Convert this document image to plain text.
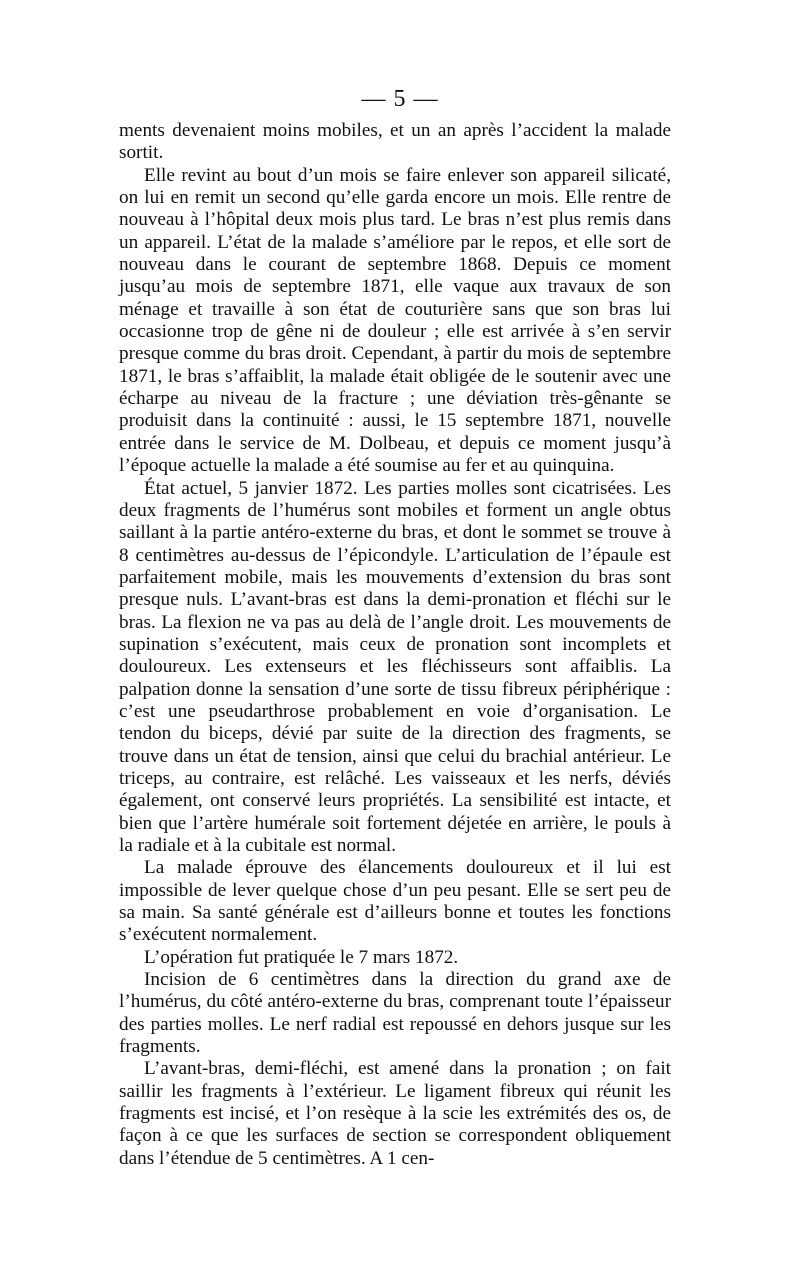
— 5 —

ments devenaient moins mobiles, et un an après l’accident la malade sortit.

Elle revint au bout d’un mois se faire enlever son appareil silicaté, on lui en remit un second qu’elle garda encore un mois. Elle rentre de nouveau à l’hôpital deux mois plus tard. Le bras n’est plus remis dans un appareil. L’état de la malade s’améliore par le repos, et elle sort de nouveau dans le courant de septembre 1868. Depuis ce moment jusqu’au mois de septembre 1871, elle vaque aux travaux de son ménage et travaille à son état de couturière sans que son bras lui occasionne trop de gêne ni de douleur ; elle est arrivée à s’en servir presque comme du bras droit. Cependant, à partir du mois de septembre 1871, le bras s’affaiblit, la malade était obligée de le soutenir avec une écharpe au niveau de la fracture ; une déviation très-gênante se produisit dans la continuité : aussi, le 15 septembre 1871, nouvelle entrée dans le service de M. Dolbeau, et depuis ce moment jusqu’à l’époque actuelle la malade a été soumise au fer et au quinquina.

État actuel, 5 janvier 1872. Les parties molles sont cicatrisées. Les deux fragments de l’humérus sont mobiles et forment un angle obtus saillant à la partie antéro-externe du bras, et dont le sommet se trouve à 8 centimètres au-dessus de l’épicondyle. L’articulation de l’épaule est parfaitement mobile, mais les mouvements d’extension du bras sont presque nuls. L’avant-bras est dans la demi-pronation et fléchi sur le bras. La flexion ne va pas au delà de l’angle droit. Les mouvements de supination s’exécutent, mais ceux de pronation sont incomplets et douloureux. Les extenseurs et les fléchisseurs sont affaiblis. La palpation donne la sensation d’une sorte de tissu fibreux périphérique : c’est une pseudarthrose probablement en voie d’organisation. Le tendon du biceps, dévié par suite de la direction des fragments, se trouve dans un état de tension, ainsi que celui du brachial antérieur. Le triceps, au contraire, est relâché. Les vaisseaux et les nerfs, déviés également, ont conservé leurs propriétés. La sensibilité est intacte, et bien que l’artère humérale soit fortement déjetée en arrière, le pouls à la radiale et à la cubitale est normal.

La malade éprouve des élancements douloureux et il lui est impossible de lever quelque chose d’un peu pesant. Elle se sert peu de sa main. Sa santé générale est d’ailleurs bonne et toutes les fonctions s’exécutent normalement.

L’opération fut pratiquée le 7 mars 1872.

Incision de 6 centimètres dans la direction du grand axe de l’humérus, du côté antéro-externe du bras, comprenant toute l’épaisseur des parties molles. Le nerf radial est repoussé en dehors jusque sur les fragments.

L’avant-bras, demi-fléchi, est amené dans la pronation ; on fait saillir les fragments à l’extérieur. Le ligament fibreux qui réunit les fragments est incisé, et l’on resèque à la scie les extrémités des os, de façon à ce que les surfaces de section se correspondent obliquement dans l’étendue de 5 centimètres. A 1 cen-
